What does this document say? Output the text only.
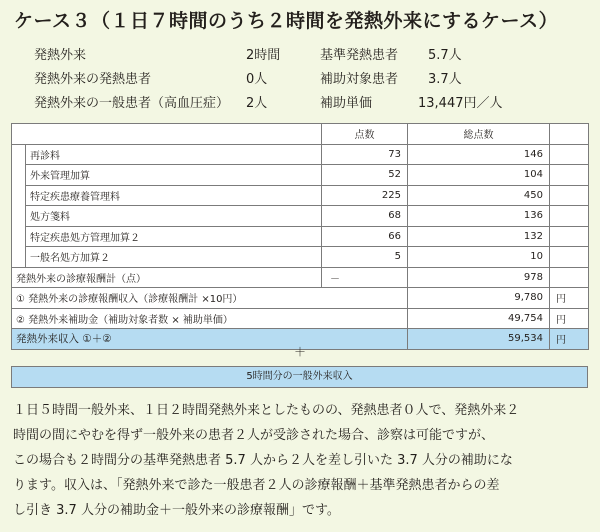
ケース３（１日７時間のうち２時間を発熱外来にするケース）
発熱外来	2時間	基準発熱患者 5.7人
発熱外来の発熱患者	0人	補助対象患者 3.7人
発熱外来の一般患者（高血圧症） 2人	補助単価	13,447円／人
		点数	総点数	
	再診料	73	146	
	外来管理加算	52	104	
	特定疾患療養管理料	225	450	
	処方箋料	68	136	
	特定疾患処方管理加算２	66	132	
	一般名処方加算２	5	10	
発熱外来の診療報酬計（点）		－	978	
① 発熱外来の診療報酬収入（診療報酬計 ×10円）			9,780	円
② 発熱外来補助金（補助対象者数 × 補助単価）			49,754	円
発熱外来収入 ①＋②			59,534	円
＋
5時間分の一般外来収入
１日５時間一般外来、１日２時間発熱外来としたものの、発熱患者０人で、発熱外来２
時間の間にやむを得ず一般外来の患者２人が受診された場合、診察は可能ですが、
この場合も２時間分の基準発熱患者 5.7 人から２人を差し引いた 3.7 人分の補助にな
ります。収入は、「発熱外来で診た一般患者２人の診療報酬＋基準発熱患者からの差
し引き 3.7 人分の補助金＋一般外来の診療報酬」です。
